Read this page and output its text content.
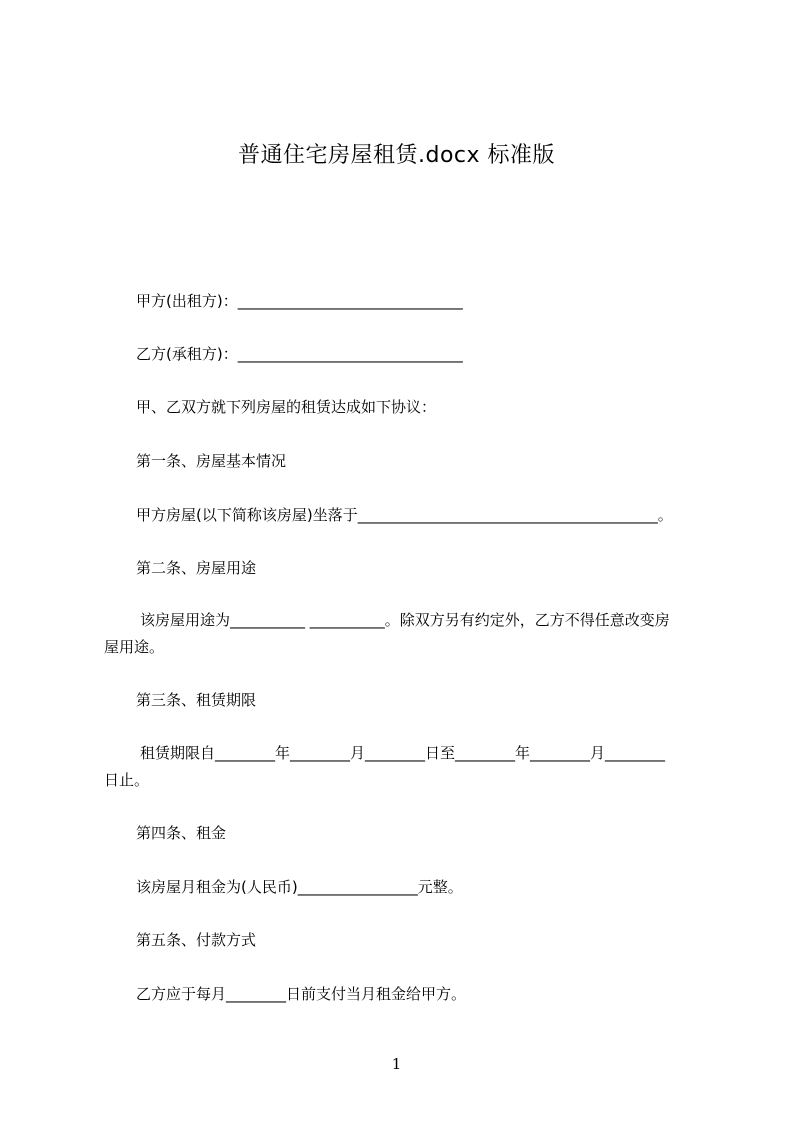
普通住宅房屋租赁.docx 标准版
甲方(出租方)：______________________________
乙方(承租方)：______________________________
甲、乙双方就下列房屋的租赁达成如下协议：
第一条、房屋基本情况
甲方房屋(以下简称该房屋)坐落于________________________________________。
第二条、房屋用途
该房屋用途为__________ __________。除双方另有约定外，乙方不得任意改变房
屋用途。
第三条、租赁期限
租赁期限自________年________月________日至________年________月________
日止。
第四条、租金
该房屋月租金为(人民币)________________元整。
第五条、付款方式
乙方应于每月________日前支付当月租金给甲方。
1
